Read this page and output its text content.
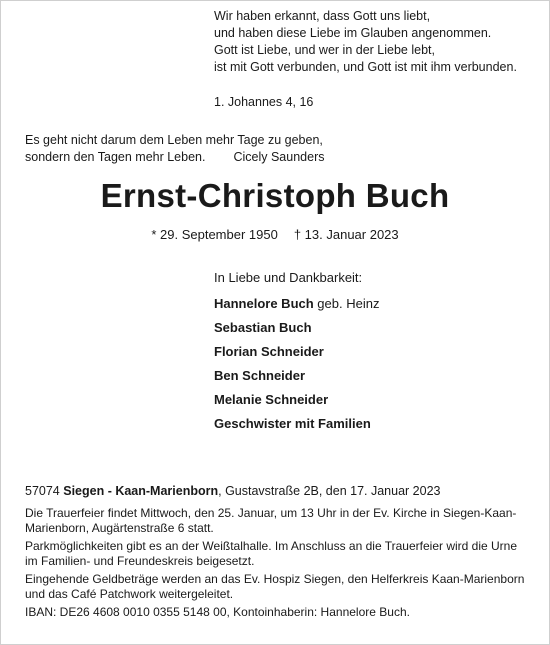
Wir haben erkannt, dass Gott uns liebt,
und haben diese Liebe im Glauben angenommen.
Gott ist Liebe, und wer in der Liebe lebt,
ist mit Gott verbunden, und Gott ist mit ihm verbunden.
1. Johannes 4, 16
Es geht nicht darum dem Leben mehr Tage zu geben,
sondern den Tagen mehr Leben. Cicely Saunders
Ernst-Christoph Buch
* 29. September 1950 † 13. Januar 2023
In Liebe und Dankbarkeit:
Hannelore Buch geb. Heinz
Sebastian Buch
Florian Schneider
Ben Schneider
Melanie Schneider
Geschwister mit Familien
57074 Siegen - Kaan-Marienborn, Gustavstraße 2B, den 17. Januar 2023

Die Trauerfeier findet Mittwoch, den 25. Januar, um 13 Uhr in der Ev. Kirche in Siegen-Kaan-Marienborn, Augärtenstraße 6 statt.

Parkmöglichkeiten gibt es an der Weißtalhalle. Im Anschluss an die Trauerfeier wird die Urne im Familien- und Freundeskreis beigesetzt.

Eingehende Geldbeträge werden an das Ev. Hospiz Siegen, den Helferkreis Kaan-Marienborn und das Café Patchwork weitergeleitet.

IBAN: DE26 4608 0010 0355 5148 00, Kontoinhaberin: Hannelore Buch.
